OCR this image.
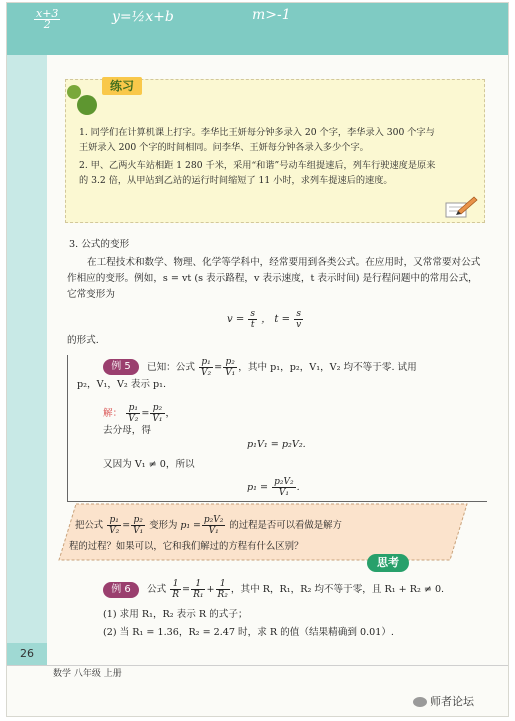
$\frac{x+3}{2}$	y=½x+b	m>-1
练习
1. 同学们在计算机课上打字。李华比王妍每分钟多录入 20 个字，李华录入 300 个字与王妍录入 200 个字的时间相同。问李华、王妍每分钟各录入多少个字。
2. 甲、乙两火车站相距 1 280 千米，采用“和谐”号动车组提速后，列车行驶速度是原来的 3.2 倍，从甲站到乙站的运行时间缩短了 11 小时，求列车提速后的速度。
3. 公式的变形
在工程技术和数学、物理、化学等学科中，经常要用到各类公式。在应用时，又常常要对公式作相应的变形。例如，s = vt (s 表示路程，v 表示速度，t 表示时间) 是行程问题中的常用公式，它常变形为
$v = \frac{s}{t}$ ， $t = \frac{s}{v}$
的形式.
例 5	已知：公式 $\frac{\text{p₁}}{\text{V₂}} = \frac{\text{p₂}}{\text{V₁}}$ ，其中 p₁，p₂，V₁，V₂ 均不等于零. 试用
p₂，V₁，V₂ 表示 p₁.
解： $\frac{\text{p₁}}{\text{V₂}} = \frac{\text{p₂}}{\text{V₁}}$ ，
去分母，得
p₁V₁ = p₂V₂.
又因为 V₁ ≠ 0，所以
$p_1 = \frac{\text{p₂V₂}}{\text{V₁}}$ .
把公式 $\frac{\text{p₁}}{\text{V₂}} = \frac{\text{p₂}}{\text{V₁}}$ 变形为 $p_1 = \frac{\text{p₂V₂}}{\text{V₁}}$ 的过程是否可以看做是解方
程的过程？如果可以，它和我们解过的方程有什么区别？
思考
例 6	公式 $\frac{1}{R} = \frac{1}{\text{R₁}} + \frac{1}{\text{R₂}}$ ，其中 R，R₁，R₂ 均不等于零，且 R₁ + R₂ ≠ 0.
(1) 求用 R₁，R₂ 表示 R 的式子；
(2) 当 R₁ = 1.36，R₂ = 2.47 时，求 R 的值（结果精确到 0.01）.
26
数学 八年级 上册
师者论坛
